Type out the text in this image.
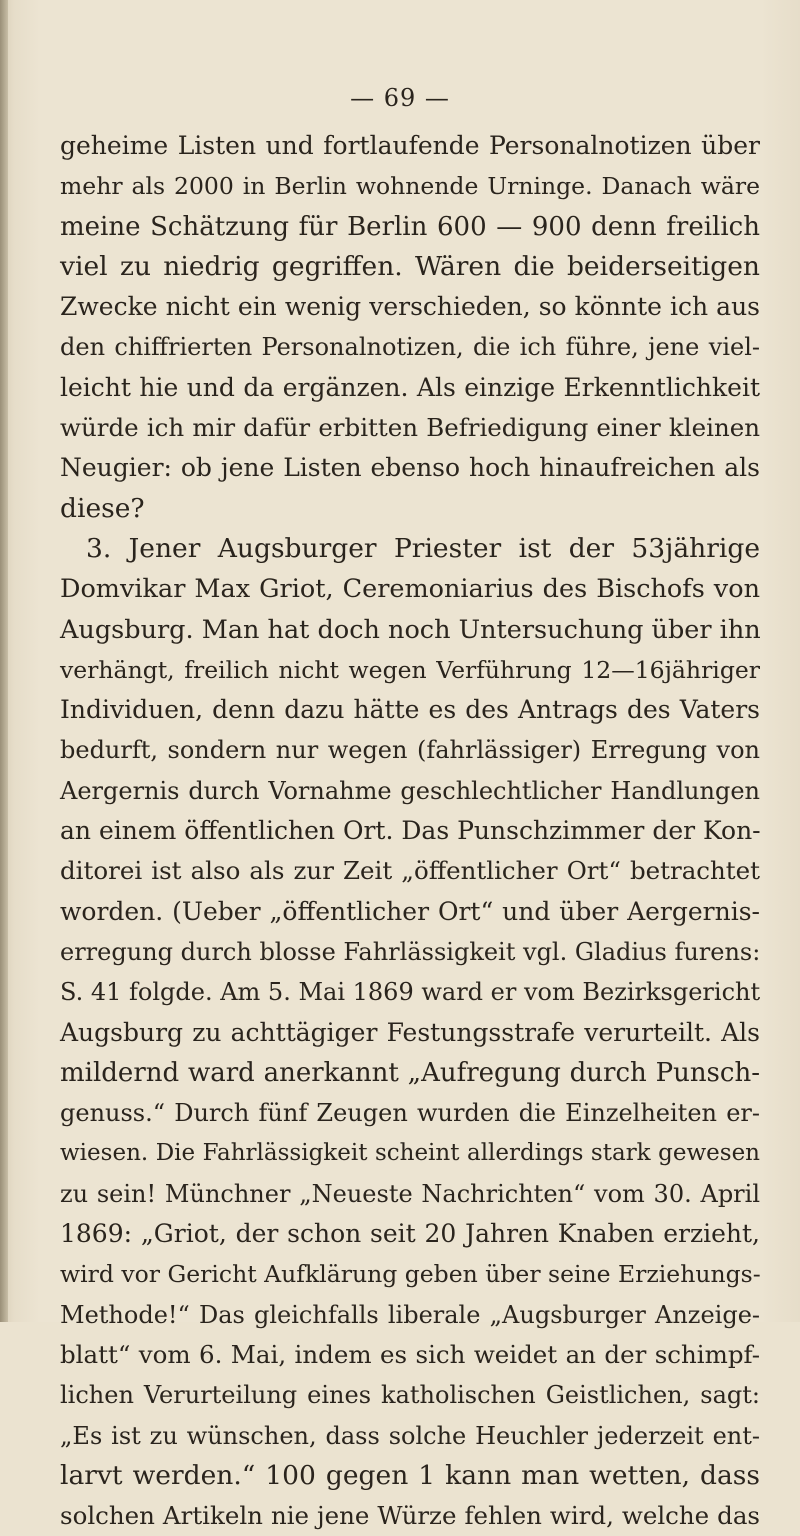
— 69 —
geheime Listen und fortlaufende Personalnotizen über
mehr als 2000 in Berlin wohnende Urninge. Danach wäre
meine Schätzung für Berlin 600 — 900 denn freilich
viel zu niedrig gegriffen. Wären die beiderseitigen
Zwecke nicht ein wenig verschieden, so könnte ich aus
den chiffrierten Personalnotizen, die ich führe, jene viel-
leicht hie und da ergänzen. Als einzige Erkenntlichkeit
würde ich mir dafür erbitten Befriedigung einer kleinen
Neugier: ob jene Listen ebenso hoch hinaufreichen als
diese?
3. Jener Augsburger Priester ist der 53jährige
Domvikar Max Griot, Ceremoniarius des Bischofs von
Augsburg. Man hat doch noch Untersuchung über ihn
verhängt, freilich nicht wegen Verführung 12—16jähriger
Individuen, denn dazu hätte es des Antrags des Vaters
bedurft, sondern nur wegen (fahrlässiger) Erregung von
Aergernis durch Vornahme geschlechtlicher Handlungen
an einem öffentlichen Ort. Das Punschzimmer der Kon-
ditorei ist also als zur Zeit „öffentlicher Ort“ betrachtet
worden. (Ueber „öffentlicher Ort“ und über Aergernis-
erregung durch blosse Fahrlässigkeit vgl. Gladius furens:
S. 41 folgde. Am 5. Mai 1869 ward er vom Bezirksgericht
Augsburg zu achttägiger Festungsstrafe verurteilt. Als
mildernd ward anerkannt „Aufregung durch Punsch-
genuss.“ Durch fünf Zeugen wurden die Einzelheiten er-
wiesen. Die Fahrlässigkeit scheint allerdings stark gewesen
zu sein! Münchner „Neueste Nachrichten“ vom 30. April
1869: „Griot, der schon seit 20 Jahren Knaben erzieht,
wird vor Gericht Aufklärung geben über seine Erziehungs-
Methode!“ Das gleichfalls liberale „Augsburger Anzeige-
blatt“ vom 6. Mai, indem es sich weidet an der schimpf-
lichen Verurteilung eines katholischen Geistlichen, sagt:
„Es ist zu wünschen, dass solche Heuchler jederzeit ent-
larvt werden.“ 100 gegen 1 kann man wetten, dass
solchen Artikeln nie jene Würze fehlen wird, welche das
